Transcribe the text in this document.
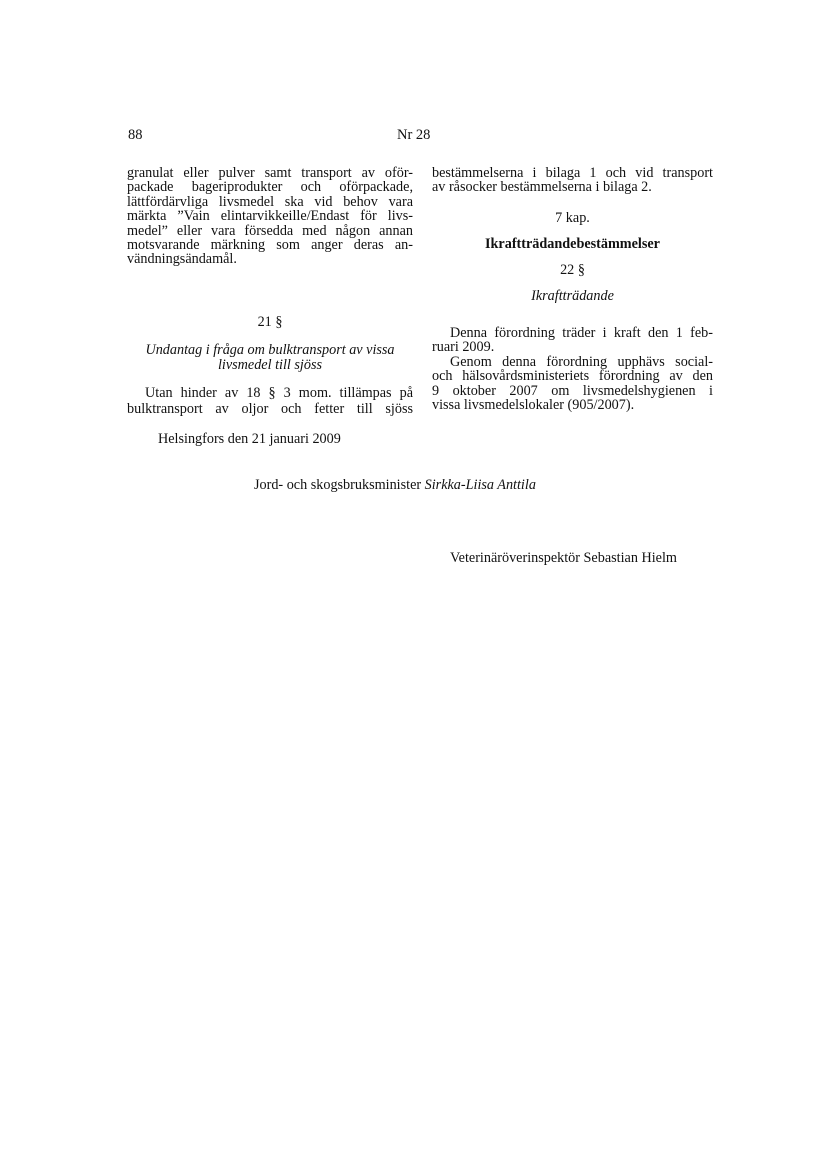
88	Nr 28
granulat eller pulver samt transport av oför-
packade bageriprodukter och oförpackade,
lättfördärvliga livsmedel ska vid behov vara
märkta ”Vain elintarvikkeille/Endast för livs-
medel” eller vara försedda med någon annan
motsvarande märkning som anger deras an-
vändningsändamål.

21 §

Undantag i fråga om bulktransport av vissa

livsmedel till sjöss

Utan hinder av 18 § 3 mom. tillämpas på
bulktransport av oljor och fetter till sjöss
bestämmelserna i bilaga 1 och vid transport
av råsocker bestämmelserna i bilaga 2.

7 kap.

Ikraftträdandebestämmelser

22 §

Ikraftträdande

Denna förordning träder i kraft den 1 feb-
ruari 2009.
Genom denna förordning upphävs social-
och hälsovårdsministeriets förordning av den
9 oktober 2007 om livsmedelshygienen i
vissa livsmedelslokaler (905/2007).
Helsingfors den 21 januari 2009
Jord- och skogsbruksminister Sirkka-Liisa Anttila
Veterinäröverinspektör Sebastian Hielm
